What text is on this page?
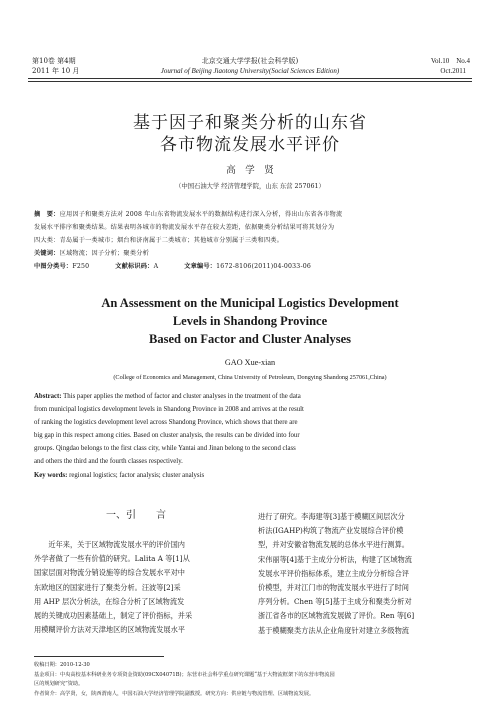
第10卷 第4期
2011 年 10 月
北京交通大学学报(社会科学版)
Journal of Beijing Jiaotong University(Social Sciences Edition)
Vol.10　No.4
Oct.2011
基于因子和聚类分析的山东省
各市物流发展水平评价
高　学　贤
（中国石油大学 经济管理学院，山东 东营 257061）
摘　要：应用因子和聚类方法对 2008 年山东省物流发展水平的数据结构进行深入分析，得出山东省各市物流
发展水平排序和聚类结果。结果表明各城市的物流发展水平存在较大差距，依据聚类分析结果可将其划分为
四大类：青岛属于一类城市；烟台和济南属于二类城市；其他城市分别属于三类和四类。
关键词：区域物流；因子分析；聚类分析
中图分类号：F250	文献标识码：A	文章编号：1672-8106(2011)04-0033-06
An Assessment on the Municipal Logistics Development
Levels in Shandong Province
Based on Factor and Cluster Analyses
GAO Xue-xian
(College of Economics and Management, China University of Petroleum, Dongying Shandong 257061,China)
Abstract: This paper applies the method of factor and cluster analyses in the treatment of the data
from municipal logistics development levels in Shandong Province in 2008 and arrives at the result
of ranking the logistics development level across Shandong Province, which shows that there are
big gap in this respect among cities. Based on cluster analysis, the results can be divided into four
groups. Qingdao belongs to the first class city, while Yantai and Jinan belong to the second class
and others the third and the fourth classes respectively.
Key words: regional logistics; factor analysis; cluster analysis
一、引　　言
　　近年来，关于区域物流发展水平的评价国内
外学者做了一些有价值的研究。Lalita A 等[1]从
国家层面对物流分销设施等的综合发展水平对中
东欧地区的国家进行了聚类分析。汪波等[2]采
用 AHP 层次分析法，在综合分析了区域物流发
展的关键成功因素基础上，制定了评价指标，并采
用模糊评价方法对天津地区的区域物流发展水平
进行了研究。李海建等[3]基于模糊区间层次分
析法(IGAHP)构筑了物流产业发展综合评价模
型，并对安徽省物流发展的总体水平进行测算。
宋伟丽等[4]基于主成分分析法，构建了区域物流
发展水平评价指标体系，建立主成分分析综合评
价模型，并对江门市的物流发展水平进行了时间
序列分析。Chen 等[5]基于主成分和聚类分析对
浙江省各市的区域物流发展做了评价。Ren 等[6]
基于模糊聚类方法从企业角度针对建立多级物流
收稿日期：2010-12-30
基金项目：中央高校基本科研业务专项资金资助(09CX04071B)；东营市社会科学重点研究课题“基于大物流框架下的东营市物流园
区的规划研究”资助。
作者简介：高学贤，女，陕西渭南人，中国石油大学经济管理学院副教授。研究方向：供应链与物流管理、区域物流发展。
